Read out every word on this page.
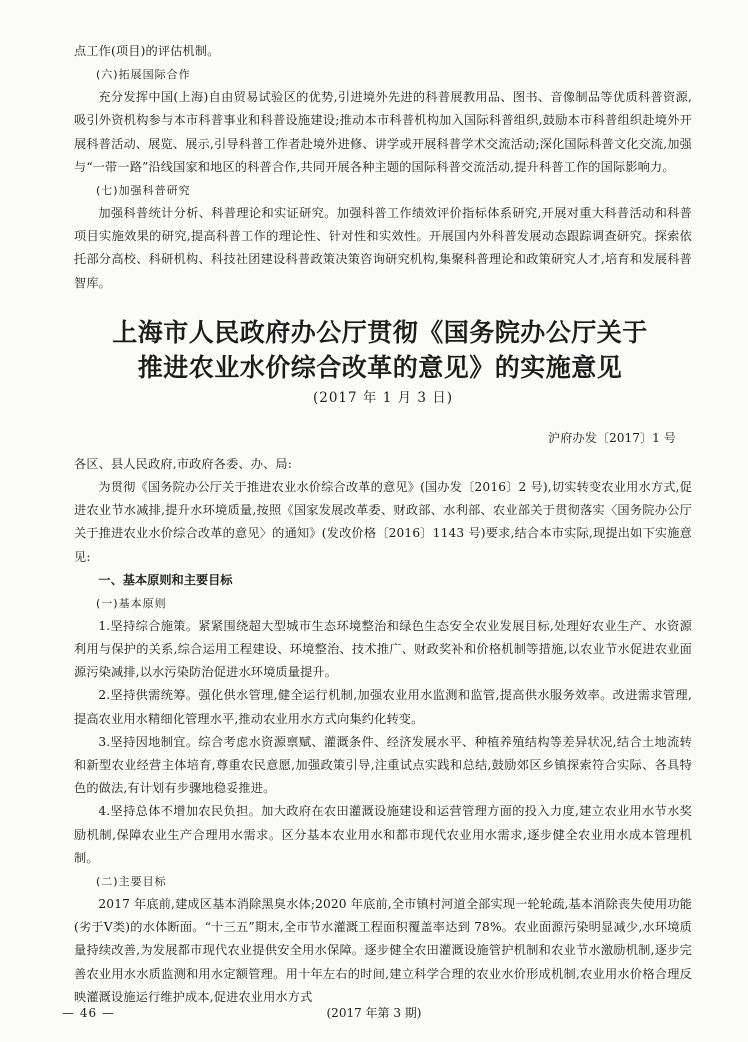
点工作(项目)的评估机制。

(六)拓展国际合作

充分发挥中国(上海)自由贸易试验区的优势,引进境外先进的科普展教用品、图书、音像制品等优质科普资源,吸引外资机构参与本市科普事业和科普设施建设;推动本市科普机构加入国际科普组织,鼓励本市科普组织赴境外开展科普活动、展览、展示,引导科普工作者赴境外进修、讲学或开展科普学术交流活动;深化国际科普文化交流,加强与“一带一路”沿线国家和地区的科普合作,共同开展各种主题的国际科普交流活动,提升科普工作的国际影响力。

(七)加强科普研究

加强科普统计分析、科普理论和实证研究。加强科普工作绩效评价指标体系研究,开展对重大科普活动和科普项目实施效果的研究,提高科普工作的理论性、针对性和实效性。开展国内外科普发展动态跟踪调查研究。探索依托部分高校、科研机构、科技社团建设科普政策决策咨询研究机构,集聚科普理论和政策研究人才,培育和发展科普智库。

上海市人民政府办公厅贯彻《国务院办公厅关于
推进农业水价综合改革的意见》的实施意见
(2017 年 1 月 3 日)
沪府办发〔2017〕1 号

各区、县人民政府,市政府各委、办、局:

为贯彻《国务院办公厅关于推进农业水价综合改革的意见》(国办发〔2016〕2 号),切实转变农业用水方式,促进农业节水减排,提升水环境质量,按照《国家发展改革委、财政部、水利部、农业部关于贯彻落实〈国务院办公厅关于推进农业水价综合改革的意见〉的通知》(发改价格〔2016〕1143 号)要求,结合本市实际,现提出如下实施意见:

一、基本原则和主要目标

(一)基本原则

1.坚持综合施策。紧紧围绕超大型城市生态环境整治和绿色生态安全农业发展目标,处理好农业生产、水资源利用与保护的关系,综合运用工程建设、环境整治、技术推广、财政奖补和价格机制等措施,以农业节水促进农业面源污染减排,以水污染防治促进水环境质量提升。

2.坚持供需统筹。强化供水管理,健全运行机制,加强农业用水监测和监管,提高供水服务效率。改进需求管理,提高农业用水精细化管理水平,推动农业用水方式向集约化转变。

3.坚持因地制宜。综合考虑水资源禀赋、灌溉条件、经济发展水平、种植养殖结构等差异状况,结合土地流转和新型农业经营主体培育,尊重农民意愿,加强政策引导,注重试点实践和总结,鼓励郊区乡镇探索符合实际、各具特色的做法,有计划有步骤地稳妥推进。

4.坚持总体不增加农民负担。加大政府在农田灌溉设施建设和运营管理方面的投入力度,建立农业用水节水奖励机制,保障农业生产合理用水需求。区分基本农业用水和都市现代农业用水需求,逐步健全农业用水成本管理机制。

(二)主要目标

2017 年底前,建成区基本消除黑臭水体;2020 年底前,全市镇村河道全部实现一轮轮疏,基本消除丧失使用功能(劣于Ⅴ类)的水体断面。“十三五”期末,全市节水灌溉工程面积覆盖率达到 78%。农业面源污染明显减少,水环境质量持续改善,为发展都市现代农业提供安全用水保障。逐步健全农田灌溉设施管护机制和农业节水激励机制,逐步完善农业用水水质监测和用水定额管理。用十年左右的时间,建立科学合理的农业水价形成机制,农业用水价格合理反映灌溉设施运行维护成本,促进农业用水方式

— 46 —	(2017 年第 3 期)
